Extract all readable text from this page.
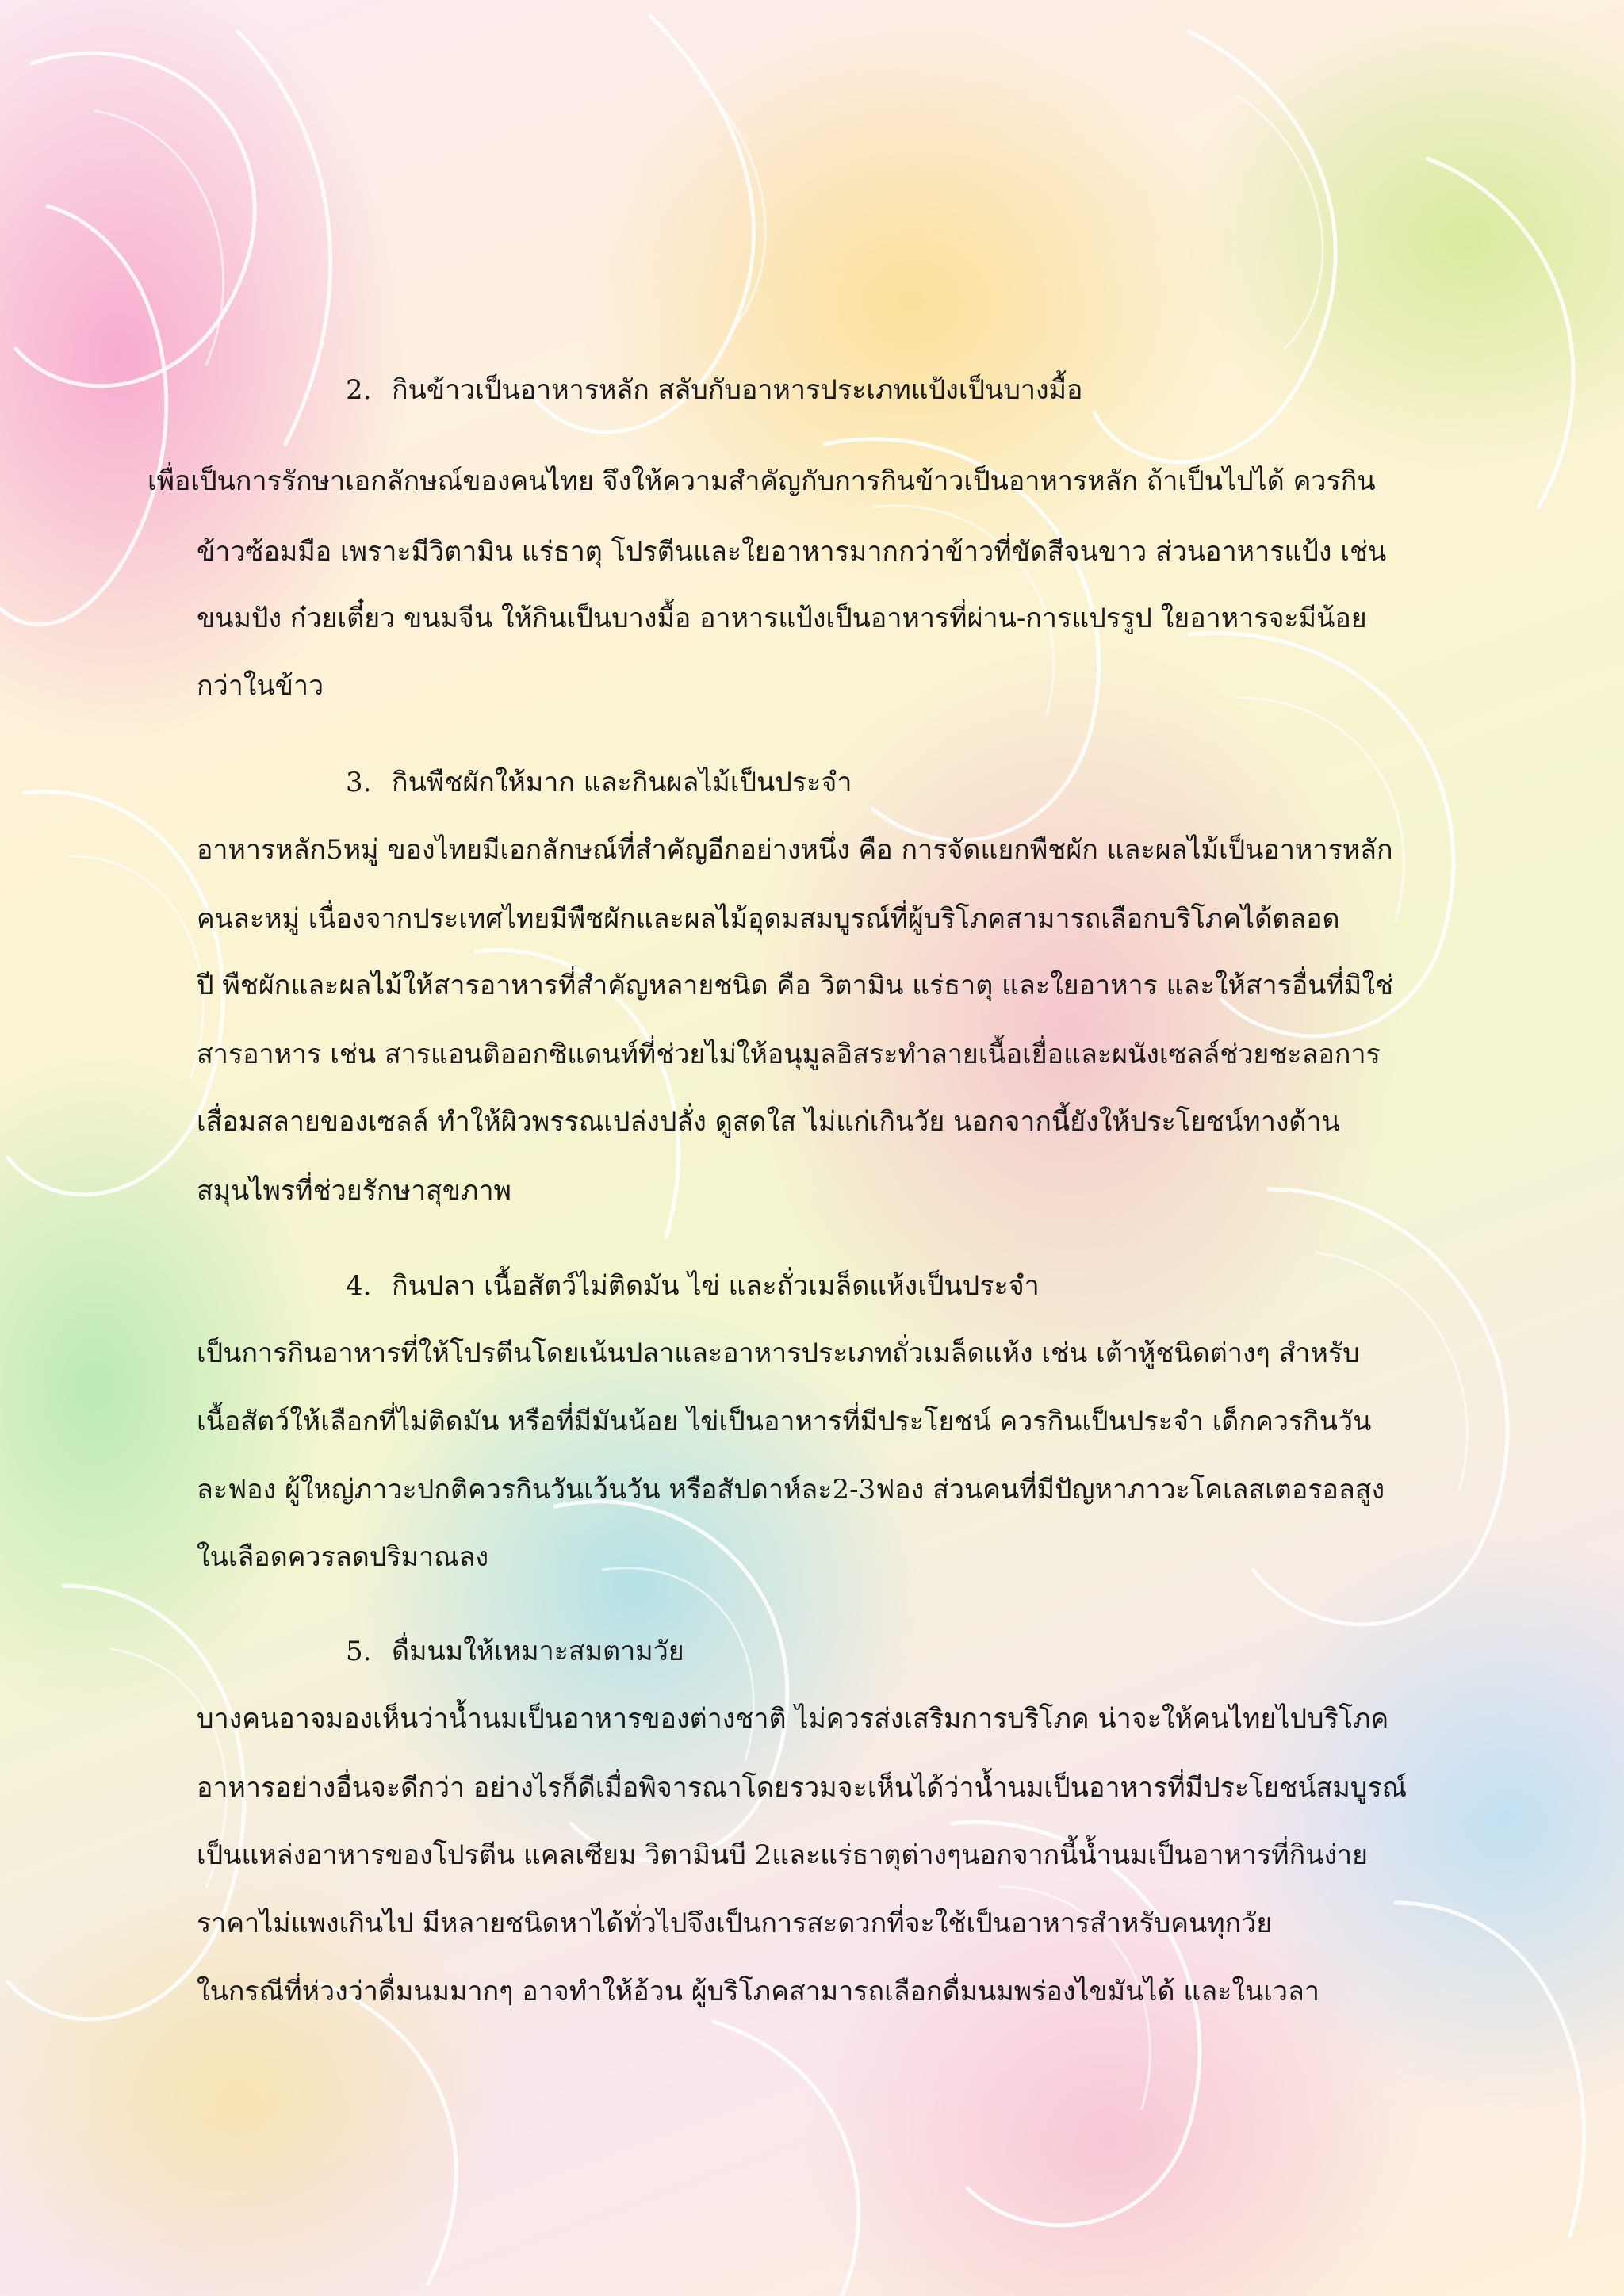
2. กินข้าวเป็นอาหารหลัก สลับกับอาหารประเภทแป้งเป็นบางมื้อ
เพื่อเป็นการรักษาเอกลักษณ์ของคนไทย จึงให้ความสำคัญกับการกินข้าวเป็นอาหารหลัก ถ้าเป็นไปได้ ควรกิน
ข้าวซ้อมมือ เพราะมีวิตามิน แร่ธาตุ โปรตีนและใยอาหารมากกว่าข้าวที่ขัดสีจนขาว ส่วนอาหารแป้ง เช่น
ขนมปัง ก๋วยเตี๋ยว ขนมจีน ให้กินเป็นบางมื้อ อาหารแป้งเป็นอาหารที่ผ่าน-การแปรรูป ใยอาหารจะมีน้อย
กว่าในข้าว
3. กินพืชผักให้มาก และกินผลไม้เป็นประจำ
อาหารหลัก5หมู่ ของไทยมีเอกลักษณ์ที่สำคัญอีกอย่างหนึ่ง คือ การจัดแยกพืชผัก และผลไม้เป็นอาหารหลัก
คนละหมู่ เนื่องจากประเทศไทยมีพืชผักและผลไม้อุดมสมบูรณ์ที่ผู้บริโภคสามารถเลือกบริโภคได้ตลอด
ปี พืชผักและผลไม้ให้สารอาหารที่สำคัญหลายชนิด คือ วิตามิน แร่ธาตุ และใยอาหาร และให้สารอื่นที่มิใช่
สารอาหาร เช่น สารแอนติออกซิแดนท์ที่ช่วยไม่ให้อนุมูลอิสระทำลายเนื้อเยื่อและผนังเซลล์ช่วยชะลอการ
เสื่อมสลายของเซลล์ ทำให้ผิวพรรณเปล่งปลั่ง ดูสดใส ไม่แก่เกินวัย นอกจากนี้ยังให้ประโยชน์ทางด้าน
สมุนไพรที่ช่วยรักษาสุขภาพ
4. กินปลา เนื้อสัตว์ไม่ติดมัน ไข่ และถั่วเมล็ดแห้งเป็นประจำ
เป็นการกินอาหารที่ให้โปรตีนโดยเน้นปลาและอาหารประเภทถั่วเมล็ดแห้ง เช่น เต้าหู้ชนิดต่างๆ สำหรับ
เนื้อสัตว์ให้เลือกที่ไม่ติดมัน หรือที่มีมันน้อย ไข่เป็นอาหารที่มีประโยชน์ ควรกินเป็นประจำ เด็กควรกินวัน
ละฟอง ผู้ใหญ่ภาวะปกติควรกินวันเว้นวัน หรือสัปดาห์ละ2-3ฟอง ส่วนคนที่มีปัญหาภาวะโคเลสเตอรอลสูง
ในเลือดควรลดปริมาณลง
5. ดื่มนมให้เหมาะสมตามวัย
บางคนอาจมองเห็นว่าน้ำนมเป็นอาหารของต่างชาติ ไม่ควรส่งเสริมการบริโภค น่าจะให้คนไทยไปบริโภค
อาหารอย่างอื่นจะดีกว่า อย่างไรก็ดีเมื่อพิจารณาโดยรวมจะเห็นได้ว่าน้ำนมเป็นอาหารที่มีประโยชน์สมบูรณ์
เป็นแหล่งอาหารของโปรตีน แคลเซียม วิตามินบี 2และแร่ธาตุต่างๆนอกจากนี้น้ำนมเป็นอาหารที่กินง่าย
ราคาไม่แพงเกินไป มีหลายชนิดหาได้ทั่วไปจึงเป็นการสะดวกที่จะใช้เป็นอาหารสำหรับคนทุกวัย
ในกรณีที่ห่วงว่าดื่มนมมากๆ อาจทำให้อ้วน ผู้บริโภคสามารถเลือกดื่มนมพร่องไขมันได้ และในเวลา
